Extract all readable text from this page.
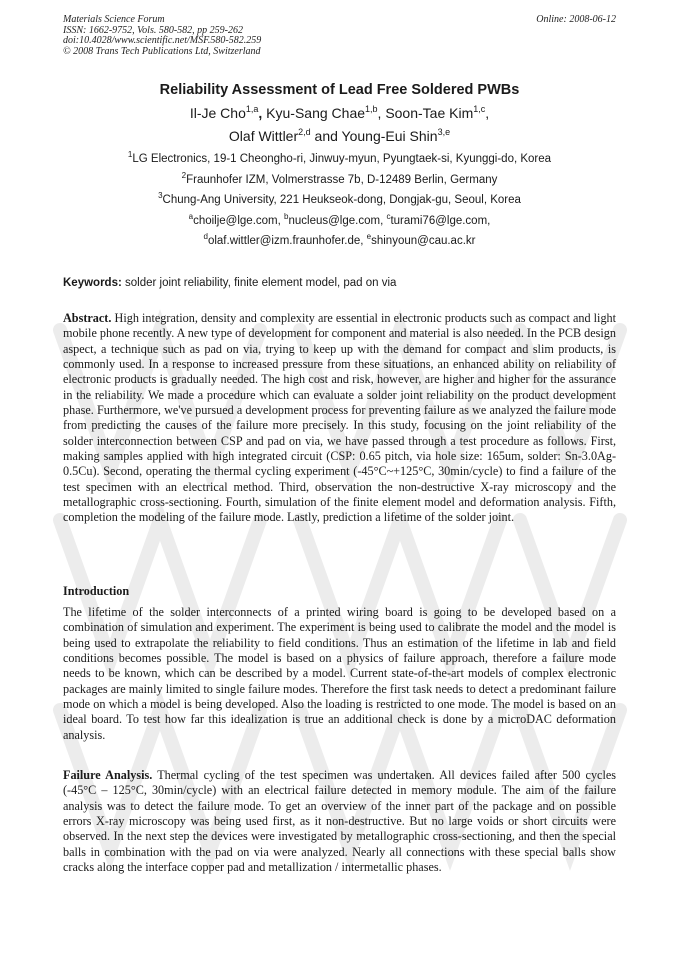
Materials Science Forum
ISSN: 1662-9752, Vols. 580-582, pp 259-262
doi:10.4028/www.scientific.net/MSF.580-582.259
© 2008 Trans Tech Publications Ltd, Switzerland
Online: 2008-06-12
Reliability Assessment of Lead Free Soldered PWBs
Il-Je Cho$^{1,a}$, Kyu-Sang Chae$^{1,b}$, Soon-Tae Kim$^{1,c}$,
Olaf Wittler$^{2,d}$ and Young-Eui Shin$^{3,e}$
$^1$LG Electronics, 19-1 Cheongho-ri, Jinwuy-myun, Pyungtaek-si, Kyunggi-do, Korea
$^2$Fraunhofer IZM, Volmerstrasse 7b, D-12489 Berlin, Germany
$^3$Chung-Ang University, 221 Heukseok-dong, Dongjak-gu, Seoul, Korea
$^a$choilje@lge.com, $^b$nucleus@lge.com, $^c$turami76@lge.com,
$^d$olaf.wittler@izm.fraunhofer.de, $^e$shinyoun@cau.ac.kr
Keywords: solder joint reliability, finite element model, pad on via

Abstract. High integration, density and complexity are essential in electronic products such as compact and light mobile phone recently. A new type of development for component and material is also needed. In the PCB design aspect, a technique such as pad on via, trying to keep up with the demand for compact and slim products, is commonly used. In a response to increased pressure from these situations, an enhanced ability on reliability of electronic products is gradually needed. The high cost and risk, however, are higher and higher for the assurance in the reliability. We made a procedure which can evaluate a solder joint reliability on the product development phase. Furthermore, we've pursued a development process for preventing failure as we analyzed the failure mode from predicting the causes of the failure more precisely. In this study, focusing on the joint reliability of the solder interconnection between CSP and pad on via, we have passed through a test procedure as follows. First, making samples applied with high integrated circuit (CSP: 0.65 pitch, via hole size: 165um, solder: Sn-3.0Ag-0.5Cu). Second, operating the thermal cycling experiment (-45°C~+125°C, 30min/cycle) to find a failure of the test specimen with an electrical method. Third, observation the non-destructive X-ray microscopy and the metallographic cross-sectioning. Fourth, simulation of the finite element model and deformation analysis. Fifth, completion the modeling of the failure mode. Lastly, prediction a lifetime of the solder joint.

Introduction

The lifetime of the solder interconnects of a printed wiring board is going to be developed based on a combination of simulation and experiment. The experiment is being used to calibrate the model and the model is being used to extrapolate the reliability to field conditions. Thus an estimation of the lifetime in lab and field conditions becomes possible. The model is based on a physics of failure approach, therefore a failure mode needs to be known, which can be described by a model. Current state-of-the-art models of complex electronic packages are mainly limited to single failure modes. Therefore the first task needs to detect a predominant failure mode on which a model is being developed. Also the loading is restricted to one mode. The model is based on an ideal board. To test how far this idealization is true an additional check is done by a microDAC deformation analysis.

Failure Analysis. Thermal cycling of the test specimen was undertaken. All devices failed after 500 cycles (-45°C – 125°C, 30min/cycle) with an electrical failure detected in memory module. The aim of the failure analysis was to detect the failure mode. To get an overview of the inner part of the package and on possible errors X-ray microscopy was being used first, as it non-destructive. But no large voids or short circuits were observed. In the next step the devices were investigated by metallographic cross-sectioning, and then the special balls in combination with the pad on via were analyzed. Nearly all connections with these special balls show cracks along the interface copper pad and metallization / intermetallic phases.
